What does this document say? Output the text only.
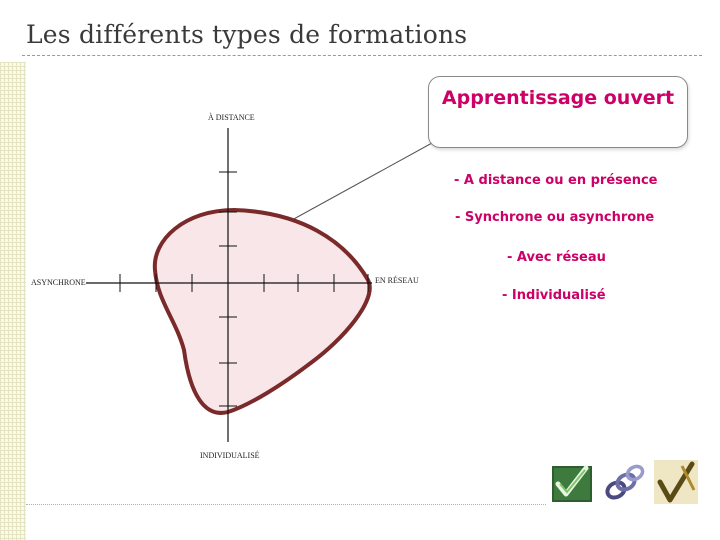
Les différents types de formations
À DISTANCE
ASYNCHRONE	EN RÉSEAU
INDIVIDUALISÉ
Apprentissage ouvert
- A distance ou en présence
- Synchrone ou asynchrone
- Avec réseau
- Individualisé
